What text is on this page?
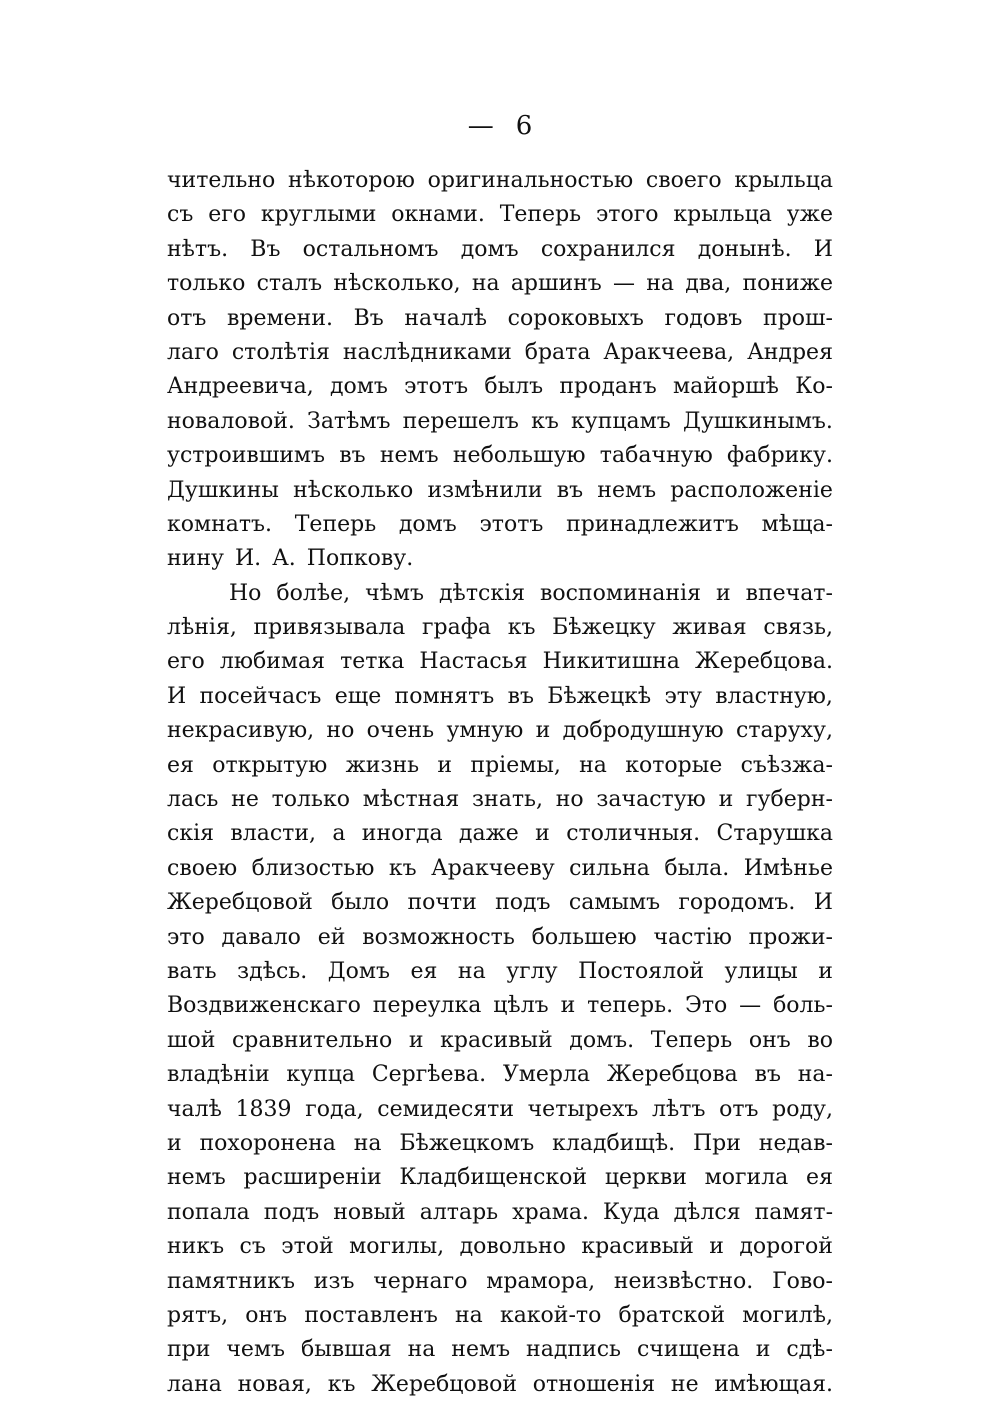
— 6
чительно нѣкоторою оригинальностью своего крыльца
съ его круглыми окнами. Теперь этого крыльца уже
нѣтъ. Въ остальномъ домъ сохранился донынѣ. И
только сталъ нѣсколько, на аршинъ — на два, пониже
отъ времени. Въ началѣ сороковыхъ годовъ прош-
лаго столѣтія наслѣдниками брата Аракчеева, Андрея
Андреевича, домъ этотъ былъ проданъ майоршѣ Ко-
новаловой. Затѣмъ перешелъ къ купцамъ Душкинымъ.
устроившимъ въ немъ небольшую табачную фабрику.
Душкины нѣсколько измѣнили въ немъ расположеніе
комнатъ. Теперь домъ этотъ принадлежитъ мѣща-
нину И. А. Попкову.
Но болѣе, чѣмъ дѣтскія воспоминанія и впечат-
лѣнія, привязывала графа къ Бѣжецку живая связь,
его любимая тетка Настасья Никитишна Жеребцова.
И посейчасъ еще помнятъ въ Бѣжецкѣ эту властную,
некрасивую, но очень умную и добродушную старуху,
ея открытую жизнь и пріемы, на которые съѣзжа-
лась не только мѣстная знать, но зачастую и губерн-
скія власти, а иногда даже и столичныя. Старушка
своею близостью къ Аракчееву сильна была. Имѣнье
Жеребцовой было почти подъ самымъ городомъ. И
это давало ей возможность большею частію прожи-
вать здѣсь. Домъ ея на углу Постоялой улицы и
Воздвиженскаго переулка цѣлъ и теперь. Это — боль-
шой сравнительно и красивый домъ. Теперь онъ во
владѣніи купца Сергѣева. Умерла Жеребцова въ на-
чалѣ 1839 года, семидесяти четырехъ лѣтъ отъ роду,
и похоронена на Бѣжецкомъ кладбищѣ. При недав-
немъ расширеніи Кладбищенской церкви могила ея
попала подъ новый алтарь храма. Куда дѣлся памят-
никъ съ этой могилы, довольно красивый и дорогой
памятникъ изъ чернаго мрамора, неизвѣстно. Гово-
рятъ, онъ поставленъ на какой-то братской могилѣ,
при чемъ бывшая на немъ надпись счищена и сдѣ-
лана новая, къ Жеребцовой отношенія не имѣющая.
